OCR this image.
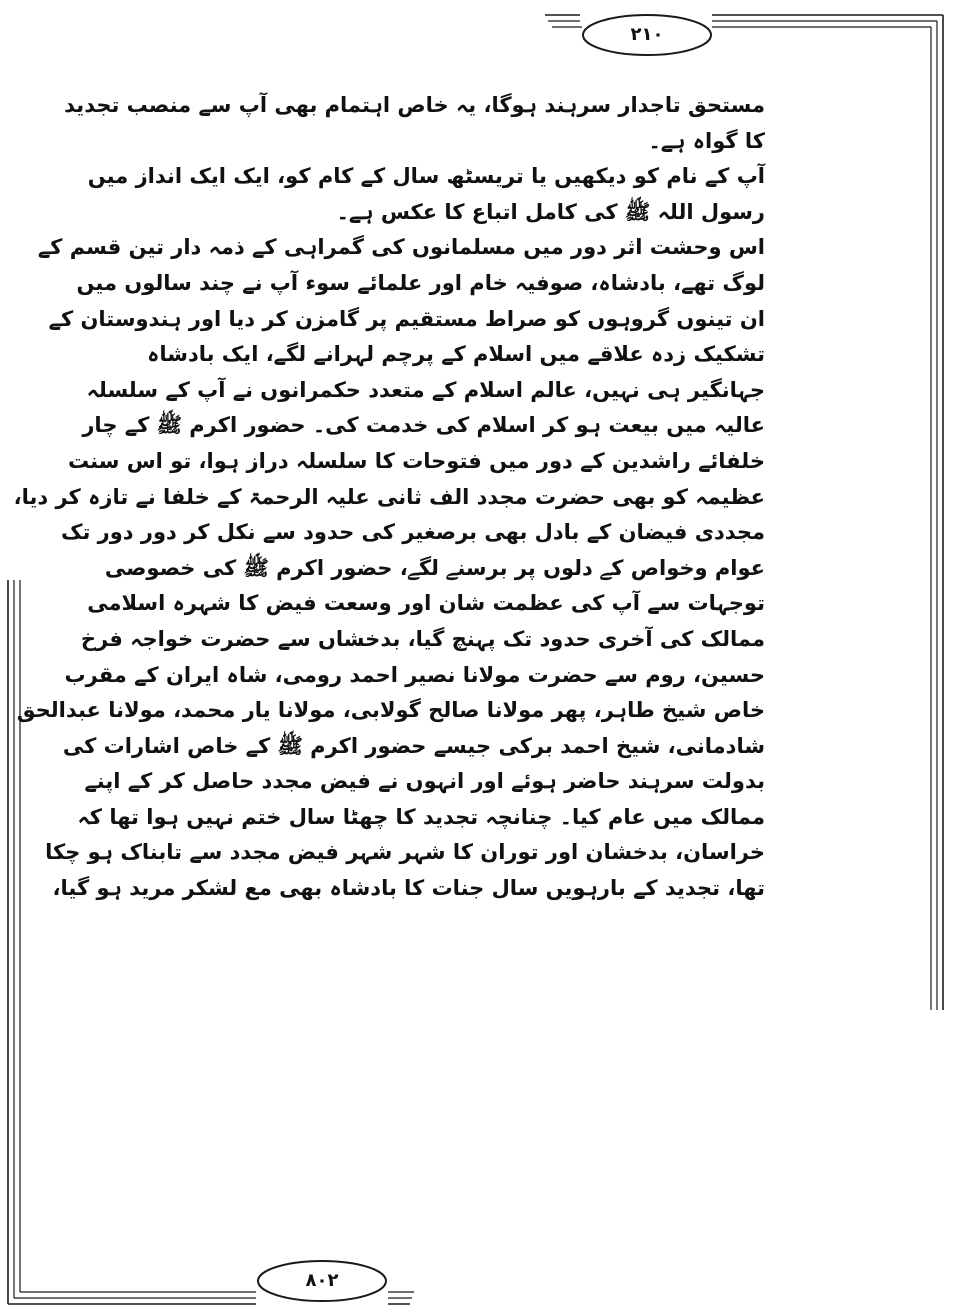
۲۱۰
۸۰۲
مستحق تاجدار سرہند ہوگا، یہ خاص اہتمام بھی آپ سے منصب تجدید
کا گواہ ہے۔
آپ کے نام کو دیکھیں یا تریسٹھ سال کے کام کو، ایک ایک انداز میں
رسول اللہ ﷺ کی کامل اتباع کا عکس ہے۔
اس وحشت اثر دور میں مسلمانوں کی گمراہی کے ذمہ دار تین قسم کے
لوگ تھے، بادشاہ، صوفیہ خام اور علمائے سوء آپ نے چند سالوں میں
ان تینوں گروہوں کو صراط مستقیم پر گامزن کر دیا اور ہندوستان کے
تشکیک زدہ علاقے میں اسلام کے پرچم لہرانے لگے، ایک بادشاہ
جہانگیر ہی نہیں، عالم اسلام کے متعدد حکمرانوں نے آپ کے سلسلہ
عالیہ میں بیعت ہو کر اسلام کی خدمت کی۔ حضور اکرم ﷺ کے چار
خلفائے راشدین کے دور میں فتوحات کا سلسلہ دراز ہوا، تو اس سنت
عظیمہ کو بھی حضرت مجدد الف ثانی علیہ الرحمۃ کے خلفا نے تازہ کر دیا،
مجددی فیضان کے بادل بھی برصغیر کی حدود سے نکل کر دور دور تک
عوام وخواص کے دلوں پر برسنے لگے، حضور اکرم ﷺ کی خصوصی
توجہات سے آپ کی عظمت شان اور وسعت فیض کا شہرہ اسلامی
ممالک کی آخری حدود تک پہنچ گیا، بدخشاں سے حضرت خواجہ فرخ
حسین، روم سے حضرت مولانا نصیر احمد رومی، شاہ ایران کے مقرب
خاص شیخ طاہر، پھر مولانا صالح گولابی، مولانا یار محمد، مولانا عبدالحق
شادمانی، شیخ احمد برکی جیسے حضور اکرم ﷺ کے خاص اشارات کی
بدولت سرہند حاضر ہوئے اور انہوں نے فیض مجدد حاصل کر کے اپنے
ممالک میں عام کیا۔ چنانچہ تجدید کا چھٹا سال ختم نہیں ہوا تھا کہ
خراسان، بدخشان اور توران کا شہر شہر فیض مجدد سے تابناک ہو چکا
تھا، تجدید کے بارہویں سال جنات کا بادشاہ بھی مع لشکر مرید ہو گیا،
